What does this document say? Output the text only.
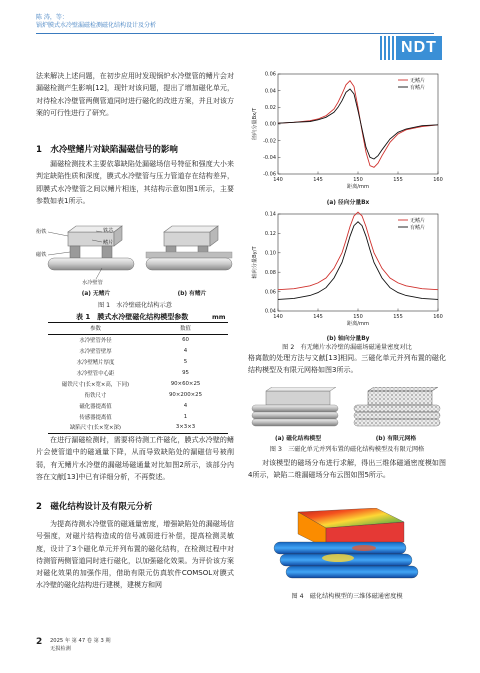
陈 涛，等：
锅炉膜式水冷壁漏磁检测磁化结构设计及分析
NDT
法来解决上述问题，在初步应用时发现锅炉水冷壁管的鳍片会对漏磁检测产生影响[12]，现针对该问题，提出了增加磁化单元，对待检水冷壁管两侧管道同时进行磁化的改进方案，并且对该方案的可行性进行了研究。
1　水冷壁鳍片对缺陷漏磁信号的影响
漏磁检测技术主要依靠缺陷处漏磁场信号特征和强度大小来判定缺陷性质和深度，膜式水冷壁管与压力管道存在结构差异，即膜式水冷壁管之间以鳍片相连，其结构示意如图1所示，主要参数如表1所示。
衔铁
磁铁
铁芯
鳍片
水冷壁管
(a) 无鳍片	(b) 有鳍片
图 1　水冷壁磁化结构示意
表 1　膜式水冷壁磁化结构模型参数	mm
参数	数值
水冷壁管外径	60
水冷壁管壁厚	4
水冷壁鳍片厚度	5
水冷壁管中心距	95
磁铁尺寸(长×宽×高，下同)	90×60×25
衔铁尺寸	90×200×25
磁化器提离值	4
传感器提离值	1
缺陷尺寸(长×宽×深)	3×3×3
在进行漏磁检测时，需要将待测工件磁化，膜式水冷壁的鳍片会使管道中的磁通量下降，从而导致缺陷处的漏磁信号被削弱，有无鳍片水冷壁的漏磁场磁通量对比如图2所示，该部分内容在文献[13]中已有详细分析，不再赘述。
2　磁化结构设计及有限元分析
为提高待测水冷壁管的磁通量密度，增强缺陷处的漏磁场信号强度，对磁片结构造成的信号减弱进行补偿，提高检测灵敏度，设计了3个磁化单元并列布置的磁化结构，在检测过程中对待测管两侧管道同时进行磁化，以加强磁化效果。为评价该方案对磁化效果的加强作用，借助有限元仿真软件COMSOL对膜式水冷壁的磁化结构进行建模，建模方和网
2 2025 年 第 47 卷 第 3 期
无损检测
140	145	150	155	160
-0.06
-0.04
-0.02
0.00
0.02
0.04
0.06
距离/mm
径向分量Bx/T
无鳍片
有鳍片
(a) 径向分量Bx
140	145	150	155	160
0.04
0.06
0.08
0.10
0.12
0.14
距离/mm
轴向分量By/T
无鳍片
有鳍片
(b) 轴向分量By
图 2　有无鳍片水冷壁的漏磁场磁通量密度对比
格离散的处理方法与文献[13]相同。三磁化单元并列布置的磁化结构模型及有限元网格如图3所示。
(a) 磁化结构模型	(b) 有限元网格
图 3　三磁化单元并列布置的磁化结构模型及有限元网格
对该模型的磁场分布进行求解，得出三维体磁通密度模如图4所示，缺陷二维漏磁场分布云图如图5所示。
图 4　磁化结构模型的三维体磁通密度模
